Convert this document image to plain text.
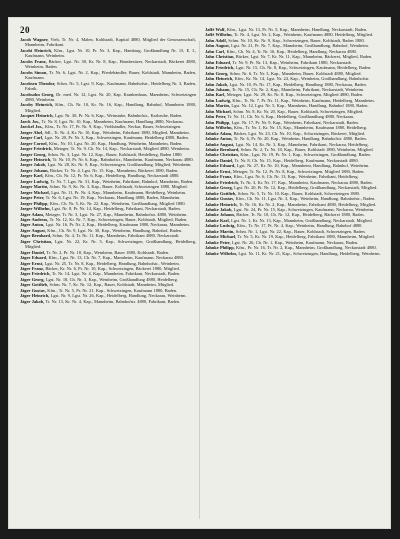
20

Jacob Wagner, Vieh, Tr. Nr. 4, Malen, Kohlstadt, Kapital 4880, Mitglied der Genossenschaft, Mannheim, Fabrikant.

Jacobi Heinrich, Kfm., Lgst. Nr. 10, Pr. Nr. 3, Kap., Hamburg, Großhandlung Nr. 15, E. I., Kaufmann, Weinheim.

Jacobs Franz, Bäcker, Lgst. Nr. 30, Kr. Nr. 8, Kap., Hausbesitzer, Neckarstadt, Bäckerei 4880, Weinheim, Baden.

Jacobs Simon, Tr. Nr. 6, Lgst. Nr. 2, Kap., Pferdehändler, Bauer, Kohlstadt, Mannheim, Baden, Kaufmann.

Jacobsen Theodor, Schm. Nr. 5, Lgst. 9, Kap., Kaufmann, Bahnhofstr., Heidelberg Nr. 3, Baden, Fabrik.

Jacobsohn Georg, Dr. med. Nr. 12, Lgst. Nr. 20, Kap. Krankenhaus, Mannheim, Schwetzingen 4880, Weinheim.

Jacoby Heinrich, Kfm., Ch. Nr. 10, Kr. Nr. 16, Kap., Handlung, Bahnhof, Mannheim 1880, Mitglied.

Jacquet Heinrich, Lgst. Nr. 30, Pr. Nr. 6, Kap., Weinstube, Bahnhofstr., Karlsruhe, Baden.

Jaeck Jos., Tr. Nr. 8, Lgst. Nr. 10, Kap., Mannheim, Kaufmann, Handlung 4880, Neckarau.

Jaeckel Jos., Kfm., Tr. Nr. 17, Pr. Nr. 9, Kap., Viehhändler, Neckar, Bauer, Schwetzingen.

Jaeger Abel, Sdl., Tr. Nr. 4, Kr. Nr. 10, Kap., Weinheim, Fabrikant 1880, Mitglied, Mannheim.

Jaeger Carl, Lgst. Nr. 20, Pr. Nr. 3, Kap., Schwetzingen, Kaufmann, Heidelberg 4880, Baden.

Jaeger Cornel, Kfm., Nr. 10, Lgst. Nr. 20, Kap., Handlung, Weinheim, Mannheim, Baden.

Jaeger Friedrich, Metzger, Tr. Nr. 9, Ch. Nr. 14, Kap., Neckarstadt, Mitglied 4880, Weinheim.

Jaeger Georg, Schm. Nr. 3, Lgst. Nr. 12, Kap., Bauer, Kohlstadt, Heidelberg, Baden 1880.

Jaeger Heinrich, Tr. Nr. 10, Pr. Nr. 6, Kap., Bahnhofstr., Mannheim, Kaufmann, Neckarau 4880.

Jaeger Jakob, Lgst. Nr. 28, Kr. Nr. 9, Kap., Schwetzingen, Großhandlung, Mitglied, Weinheim.

Jaeger Johann, Bäcker, Tr. Nr. 4, Lgst. Nr. 15, Kap., Mannheim, Bäckerei 1880, Baden.

Jaeger Karl, Kfm., Ch. Nr. 12, Pr. Nr. 6, Kap., Heidelberg, Handlung, Neckarstadt 4880.

Jaeger Ludwig, Tr. Nr. 7, Lgst. Nr. 31, Kap., Weinheim, Fabrikant, Bahnhof, Mannheim, Baden.

Jaeger Martin, Schm. Nr. 9, Kr. Nr. 3, Kap., Bauer, Kohlstadt, Schwetzingen 1880, Mitglied.

Jaeger Michael, Lgst. Nr. 11, Pr. Nr. 4, Kap., Mannheim, Kaufmann, Heidelberg, Weinheim.

Jaeger Peter, Tr. Nr. 6, Lgst. Nr. 19, Kap., Neckarau, Handlung 4880, Baden, Mannheim.

Jaeger Philipp, Kfm., Ch. Nr. 5, Kr. Nr. 22, Kap., Weinheim, Großhandlung, Mitglied 1880.

Jaeger Wilhelm, Lgst. Nr. 8, Pr. Nr. 14, Kap., Heidelberg, Fabrikant, Neckarstadt, Baden.

Jäger Adam, Metzger, Tr. Nr. 3, Lgst. Nr. 27, Kap., Mannheim, Bahnhofstr. 4880, Weinheim.

Jäger Andreas, Tr. Nr. 12, Kr. Nr. 7, Kap., Schwetzingen, Bauer, Kohlstadt, Mitglied, Baden.

Jäger Anton, Lgst. Nr. 16, Pr. Nr. 2, Kap., Heidelberg, Kaufmann 1880, Neckarau, Mannheim.

Jäger August, Kfm., Ch. Nr. 9, Lgst. Nr. 30, Kap., Weinheim, Handlung, Bahnhof, Baden.

Jäger Bernhard, Schm. Nr. 4, Tr. Nr. 11, Kap., Mannheim, Fabrikant 4880, Neckarstadt.

Jäger Christian, Lgst. Nr. 22, Kr. Nr. 5, Kap., Schwetzingen, Großhandlung, Heidelberg, Mitglied.

Jäger Daniel, Tr. Nr. 2, Pr. Nr. 18, Kap., Weinheim, Bauer 1880, Kohlstadt, Baden.

Jäger Eduard, Kfm., Lgst. Nr. 13, Ch. Nr. 7, Kap., Mannheim, Kaufmann, Neckarau 4880.

Jäger Ernst, Lgst. Nr. 25, Tr. Nr. 8, Kap., Heidelberg, Handlung, Bahnhofstr., Weinheim.

Jäger Franz, Bäcker, Kr. Nr. 6, Pr. Nr. 10, Kap., Schwetzingen, Bäckerei 1880, Mitglied.

Jäger Friedrich, Tr. Nr. 14, Lgst. Nr. 4, Kap., Mannheim, Fabrikant, Neckarstadt, Baden.

Jäger Georg, Lgst. Nr. 18, Ch. Nr. 3, Kap., Weinheim, Großhandlung 4880, Heidelberg.

Jäger Gottlieb, Schm. Nr. 7, Kr. Nr. 12, Kap., Bauer, Kohlstadt, Mannheim, Mitglied.

Jäger Gustav, Kfm., Tr. Nr. 5, Pr. Nr. 21, Kap., Schwetzingen, Kaufmann 1880, Baden.

Jäger Heinrich, Lgst. Nr. 9, Lgst. Nr. 26, Kap., Heidelberg, Handlung, Neckarau, Weinheim.

Jäger Jakob, Tr. Nr. 13, Kr. Nr. 4, Kap., Mannheim, Bahnhofstr. 4880, Fabrikant, Baden.

Jaffé Wolf, Kfm., Lgst. Nr. 13, Pr. Nr. 5, Kap., Mannheim, Handlung, Neckarstadt, Baden.

Jaffé Wilhelm, Tr. Nr. 4, Lgst. Nr. 2, Kap., Weinheim, Kaufmann 4880, Heidelberg, Mitglied.

Jahn Adolf, Schm. Nr. 10, Kr. Nr. 9, Kap., Schwetzingen, Bauer, Kohlstadt, Baden 1880.

Jahn August, Lgst. Nr. 21, Pr. Nr. 7, Kap., Mannheim, Großhandlung, Bahnhof, Weinheim.

Jahn Carl, Kfm., Ch. Nr. 4, Tr. Nr. 16, Kap., Heidelberg, Handlung, Neckarau 4880.

Jahn Christian, Bäcker, Lgst. Nr. 7, Kr. Nr. 11, Kap., Mannheim, Bäckerei, Mitglied, Baden.

Jahn Eduard, Tr. Nr. 9, Pr. Nr. 13, Kap., Weinheim, Fabrikant 1880, Neckarstadt.

Jahn Friedrich, Lgst. Nr. 15, Ch. Nr. 8, Kap., Schwetzingen, Kaufmann, Heidelberg, Baden.

Jahn Georg, Schm. Nr. 6, Tr. Nr. 3, Kap., Mannheim, Bauer, Kohlstadt 4880, Mitglied.

Jahn Heinrich, Kfm., Kr. Nr. 14, Lgst. Nr. 24, Kap., Weinheim, Großhandlung, Bahnhofstr.

Jahn Jakob, Lgst. Nr. 10, Pr. Nr. 17, Kap., Heidelberg, Handlung 1880, Neckarau, Baden.

Jahn Johann, Tr. Nr. 15, Ch. Nr. 2, Kap., Mannheim, Fabrikant, Neckarstadt, Weinheim.

Jahn Karl, Metzger, Lgst. Nr. 29, Kr. Nr. 8, Kap., Schwetzingen, Mitglied 4880, Baden.

Jahn Ludwig, Kfm., Tr. Nr. 7, Pr. Nr. 11, Kap., Weinheim, Kaufmann, Heidelberg, Mannheim.

Jahn Martin, Lgst. Nr. 12, Lgst. Nr. 5, Kap., Mannheim, Handlung, Bahnhof 1880, Baden.

Jahn Michael, Schm. Nr. 8, Kr. Nr. 20, Kap., Bauer, Kohlstadt, Schwetzingen, Mitglied.

Jahn Peter, Tr. Nr. 11, Ch. Nr. 6, Kap., Heidelberg, Großhandlung 4880, Neckarau.

Jahn Philipp, Lgst. Nr. 17, Pr. Nr. 9, Kap., Weinheim, Fabrikant, Neckarstadt, Baden.

Jahn Wilhelm, Kfm., Tr. Nr. 1, Kr. Nr. 15, Kap., Mannheim, Kaufmann 1880, Heidelberg.

Jahnke Adam, Bäcker, Lgst. Nr. 23, Ch. Nr. 10, Kap., Schwetzingen, Bäckerei, Mitglied.

Jahnke Anton, Tr. Nr. 6, Pr. Nr. 20, Kap., Weinheim, Handlung, Bahnhofstr. 4880, Baden.

Jahnke August, Lgst. Nr. 14, Kr. Nr. 3, Kap., Mannheim, Fabrikant, Neckarau, Heidelberg.

Jahnke Bernhard, Schm. Nr. 2, Tr. Nr. 18, Kap., Bauer, Kohlstadt 1880, Weinheim, Mitglied.

Jahnke Christian, Kfm., Lgst. Nr. 19, Pr. Nr. 1, Kap., Schwetzingen, Großhandlung, Baden.

Jahnke Daniel, Tr. Nr. 8, Ch. Nr. 15, Kap., Heidelberg, Kaufmann, Neckarstadt 4880.

Jahnke Eduard, Lgst. Nr. 27, Kr. Nr. 10, Kap., Mannheim, Handlung, Bahnhof, Weinheim.

Jahnke Ernst, Metzger, Tr. Nr. 12, Pr. Nr. 8, Kap., Schwetzingen, Mitglied 1880, Baden.

Jahnke Franz, Kfm., Lgst. Nr. 6, Ch. Nr. 13, Kap., Weinheim, Fabrikant, Heidelberg.

Jahnke Friedrich, Tr. Nr. 3, Kr. Nr. 17, Kap., Mannheim, Kaufmann, Neckarau 4880, Baden.

Jahnke Georg, Lgst. Nr. 20, Pr. Nr. 12, Kap., Heidelberg, Großhandlung, Neckarstadt, Mitglied.

Jahnke Gottlieb, Schm. Nr. 5, Tr. Nr. 10, Kap., Bauer, Kohlstadt, Schwetzingen 1880.

Jahnke Gustav, Kfm., Ch. Nr. 11, Lgst. Nr. 3, Kap., Weinheim, Handlung, Bahnhofstr., Baden.

Jahnke Heinrich, Tr. Nr. 16, Kr. Nr. 2, Kap., Mannheim, Fabrikant 4880, Heidelberg, Mitglied.

Jahnke Jakob, Lgst. Nr. 24, Pr. Nr. 15, Kap., Schwetzingen, Kaufmann, Neckarau, Weinheim.

Jahnke Johann, Bäcker, Tr. Nr. 10, Ch. Nr. 12, Kap., Heidelberg, Bäckerei 1880, Baden.

Jahnke Karl, Lgst. Nr. 1, Kr. Nr. 13, Kap., Mannheim, Großhandlung, Neckarstadt, Mitglied.

Jahnke Ludwig, Kfm., Tr. Nr. 17, Pr. Nr. 4, Kap., Weinheim, Handlung, Bahnhof 4880.

Jahnke Martin, Schm. Nr. 1, Lgst. Nr. 22, Kap., Bauer, Kohlstadt, Schwetzingen, Baden.

Jahnke Michael, Tr. Nr. 5, Kr. Nr. 19, Kap., Heidelberg, Fabrikant 1880, Mannheim, Mitglied.

Jahnke Peter, Lgst. Nr. 26, Ch. Nr. 1, Kap., Weinheim, Kaufmann, Neckarau, Baden.

Jahnke Philipp, Kfm., Pr. Nr. 16, Tr. Nr. 2, Kap., Mannheim, Großhandlung, Neckarstadt 4880.

Jahnke Wilhelm, Lgst. Nr. 11, Kr. Nr. 21, Kap., Schwetzingen, Handlung, Heidelberg, Weinheim.
